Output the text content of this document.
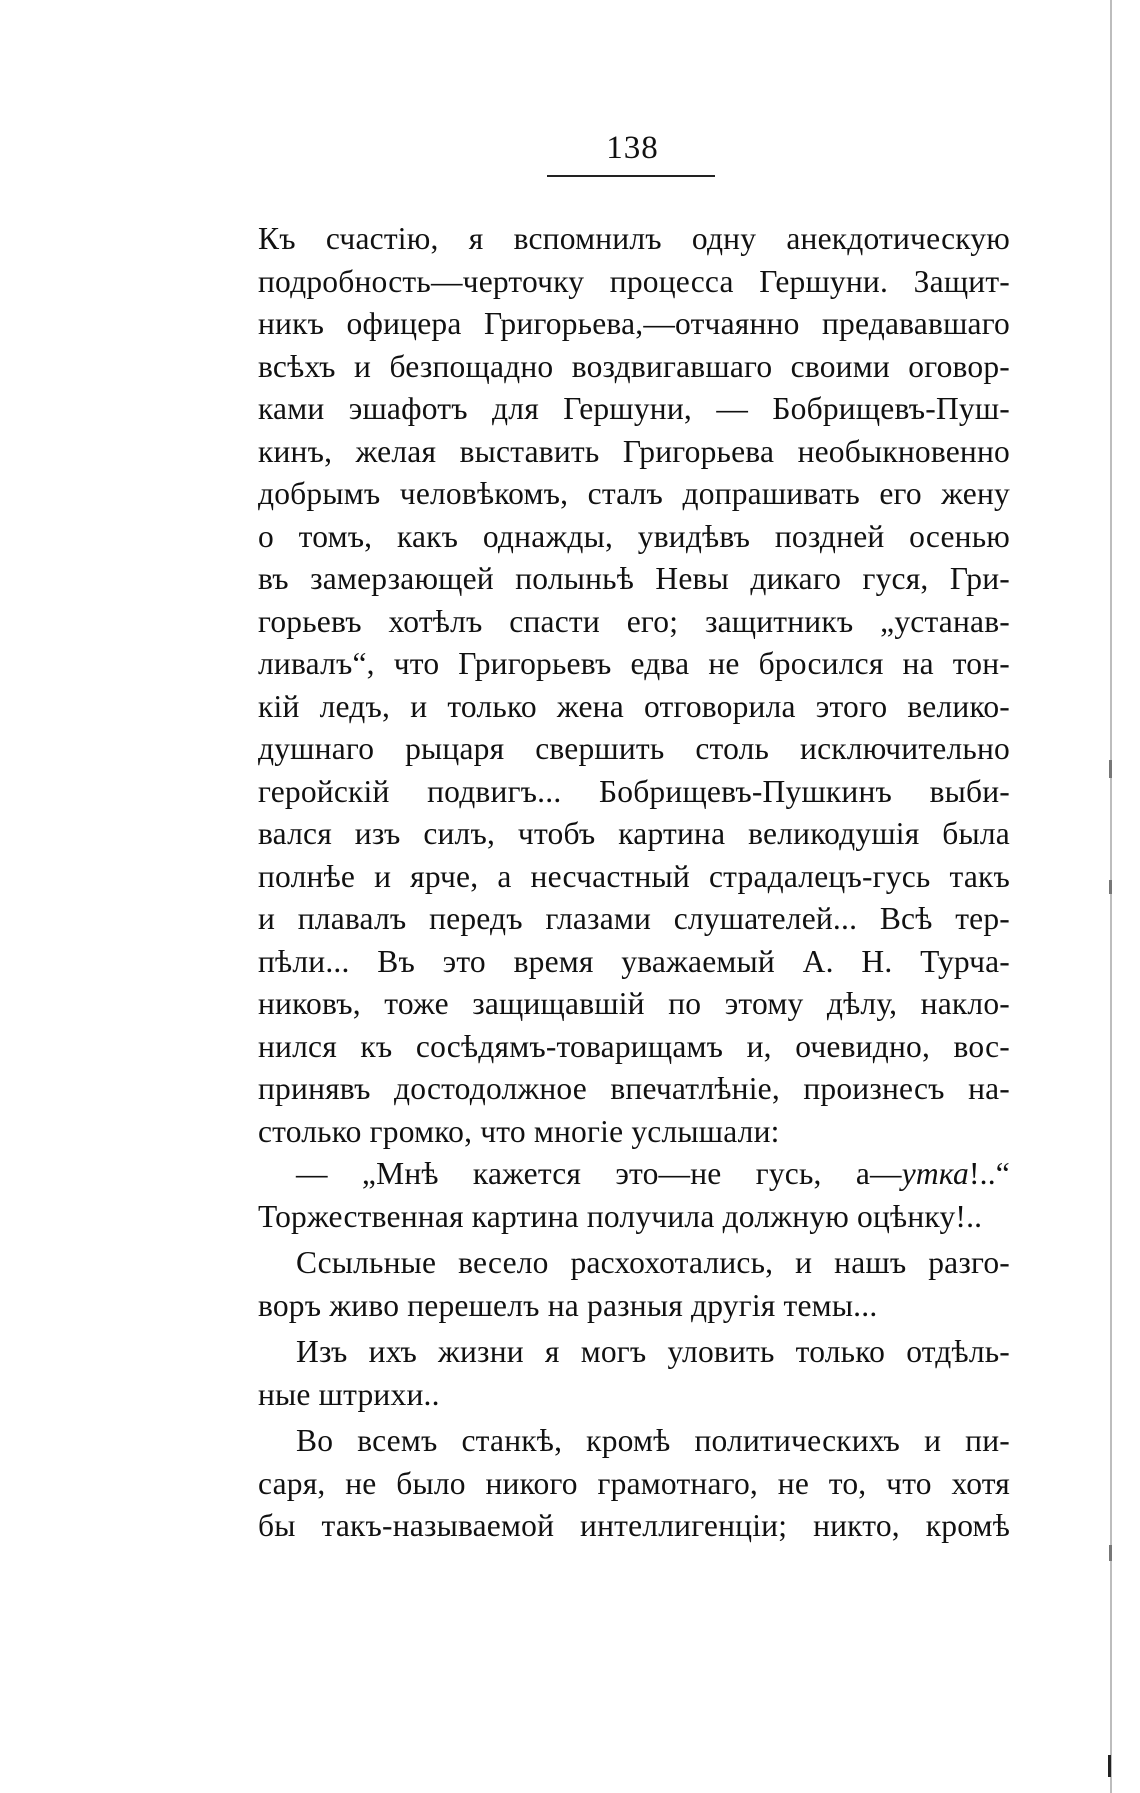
138
Къ счастію, я вспомнилъ одну анекдотическую
подробность—черточку процесса Гершуни. Защит-
никъ офицера Григорьева,—отчаянно предававшаго
всѣхъ и безпощадно воздвигавшаго своими оговор-
ками эшафотъ для Гершуни, — Бобрищевъ-Пуш-
кинъ, желая выставить Григорьева необыкновенно
добрымъ человѣкомъ, сталъ допрашивать его жену
о томъ, какъ однажды, увидѣвъ поздней осенью
въ замерзающей полыньѣ Невы дикаго гуся, Гри-
горьевъ хотѣлъ спасти его; защитникъ „устанав-
ливалъ“, что Григорьевъ едва не бросился на тон-
кій ледъ, и только жена отговорила этого велико-
душнаго рыцаря свершить столь исключительно
геройскій подвигъ... Бобрищевъ-Пушкинъ выби-
вался изъ силъ, чтобъ картина великодушія была
полнѣе и ярче, а несчастный страдалецъ-гусь такъ
и плавалъ передъ глазами слушателей... Всѣ тер-
пѣли... Въ это время уважаемый А. Н. Турча-
никовъ, тоже защищавшій по этому дѣлу, накло-
нился къ сосѣдямъ-товарищамъ и, очевидно, вос-
принявъ достодолжное впечатлѣніе, произнесъ на-
столько громко, что многіе услышали:
— „Мнѣ кажется это—не гусь, а—утка!..“
Торжественная картина получила должную оцѣнку!..
Ссыльные весело расхохотались, и нашъ разго-
воръ живо перешелъ на разныя другія темы...
Изъ ихъ жизни я могъ уловить только отдѣль-
ные штрихи..
Во всемъ станкѣ, кромѣ политическихъ и пи-
саря, не было никого грамотнаго, не то, что хотя
бы такъ-называемой интеллигенціи; никто, кромѣ
